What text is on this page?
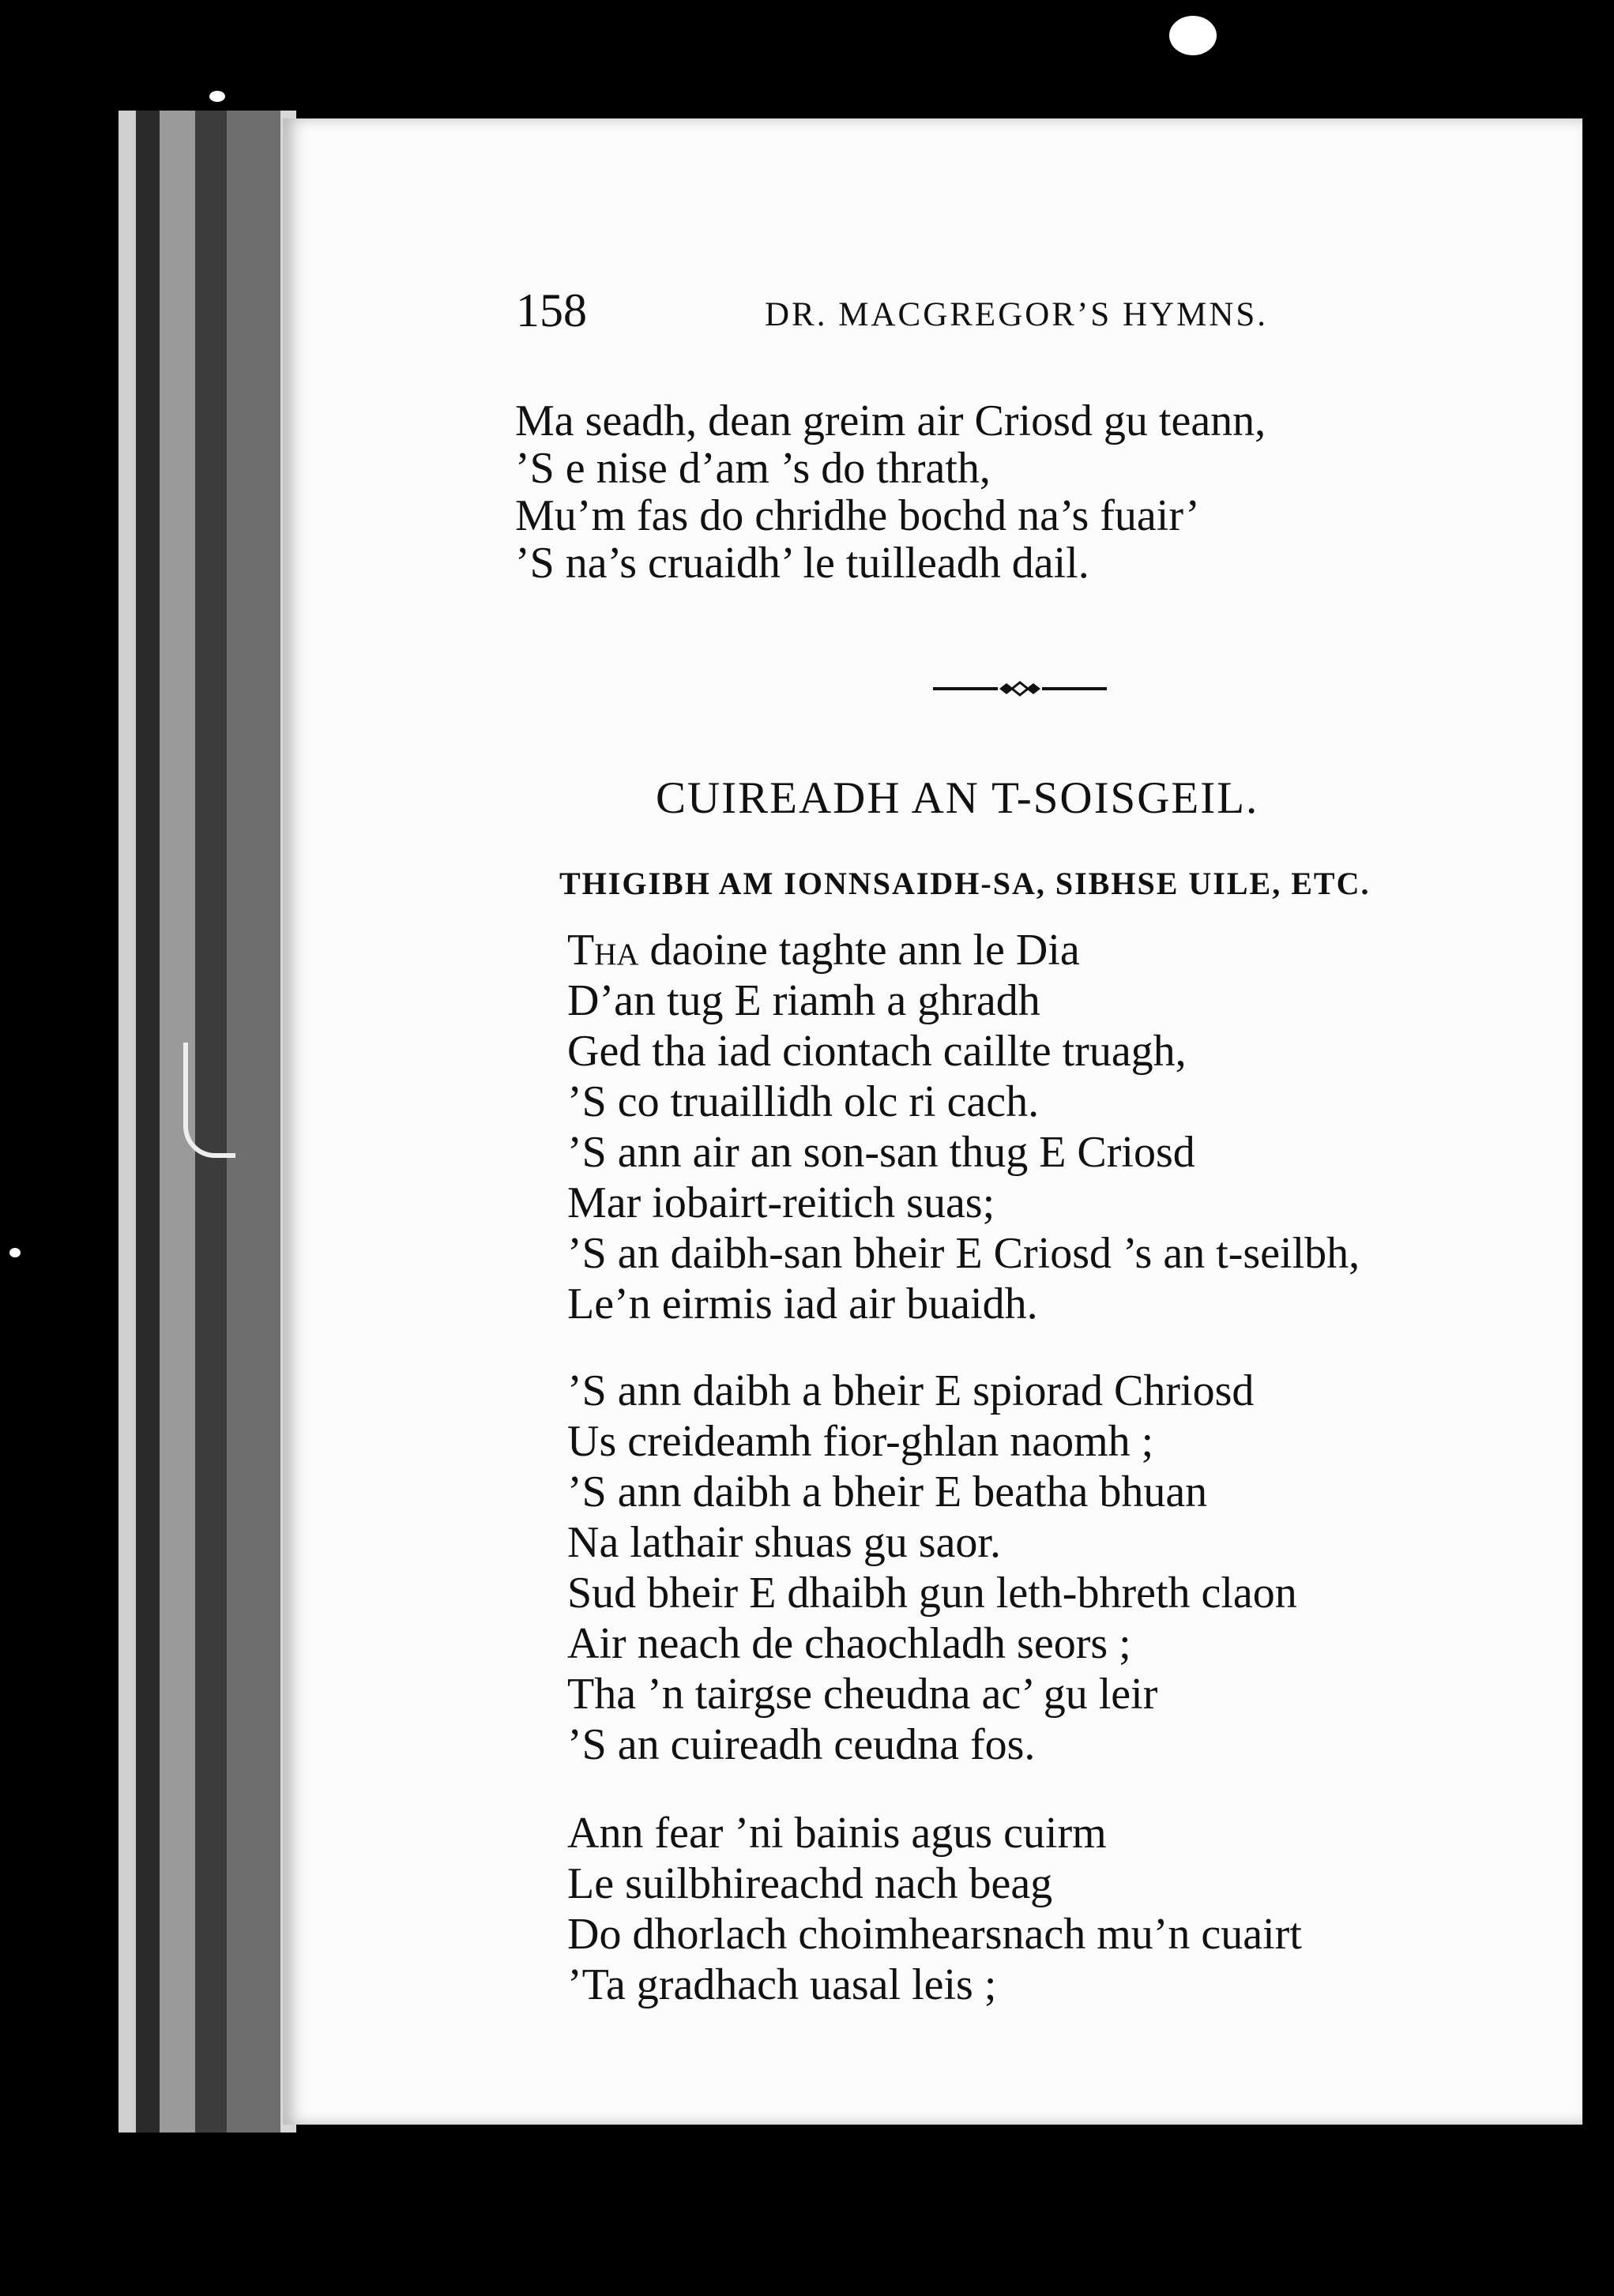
158	DR. MACGREGOR’S HYMNS.
Ma seadh, dean greim air Criosd gu teann,
’S e nise d’am ’s do thrath,
Mu’m fas do chridhe bochd na’s fuair’
’S na’s cruaidh’ le tuilleadh dail.
CUIREADH AN T-SOISGEIL.
THIGIBH AM IONNSAIDH-SA, SIBHSE UILE, ETC.
Tha daoine taghte ann le Dia
D’an tug E riamh a ghradh
Ged tha iad ciontach caillte truagh,
’S co truaillidh olc ri cach.
’S ann air an son-san thug E Criosd
Mar iobairt-reitich suas;
’S an daibh-san bheir E Criosd ’s an t-seilbh,
Le’n eirmis iad air buaidh.
’S ann daibh a bheir E spiorad Chriosd
Us creideamh fior-ghlan naomh ;
’S ann daibh a bheir E beatha bhuan
Na lathair shuas gu saor.
Sud bheir E dhaibh gun leth-bhreth claon
Air neach de chaochladh seors ;
Tha ’n tairgse cheudna ac’ gu leir
’S an cuireadh ceudna fos.
Ann fear ’ni bainis agus cuirm
Le suilbhireachd nach beag
Do dhorlach choimhearsnach mu’n cuairt
’Ta gradhach uasal leis ;
